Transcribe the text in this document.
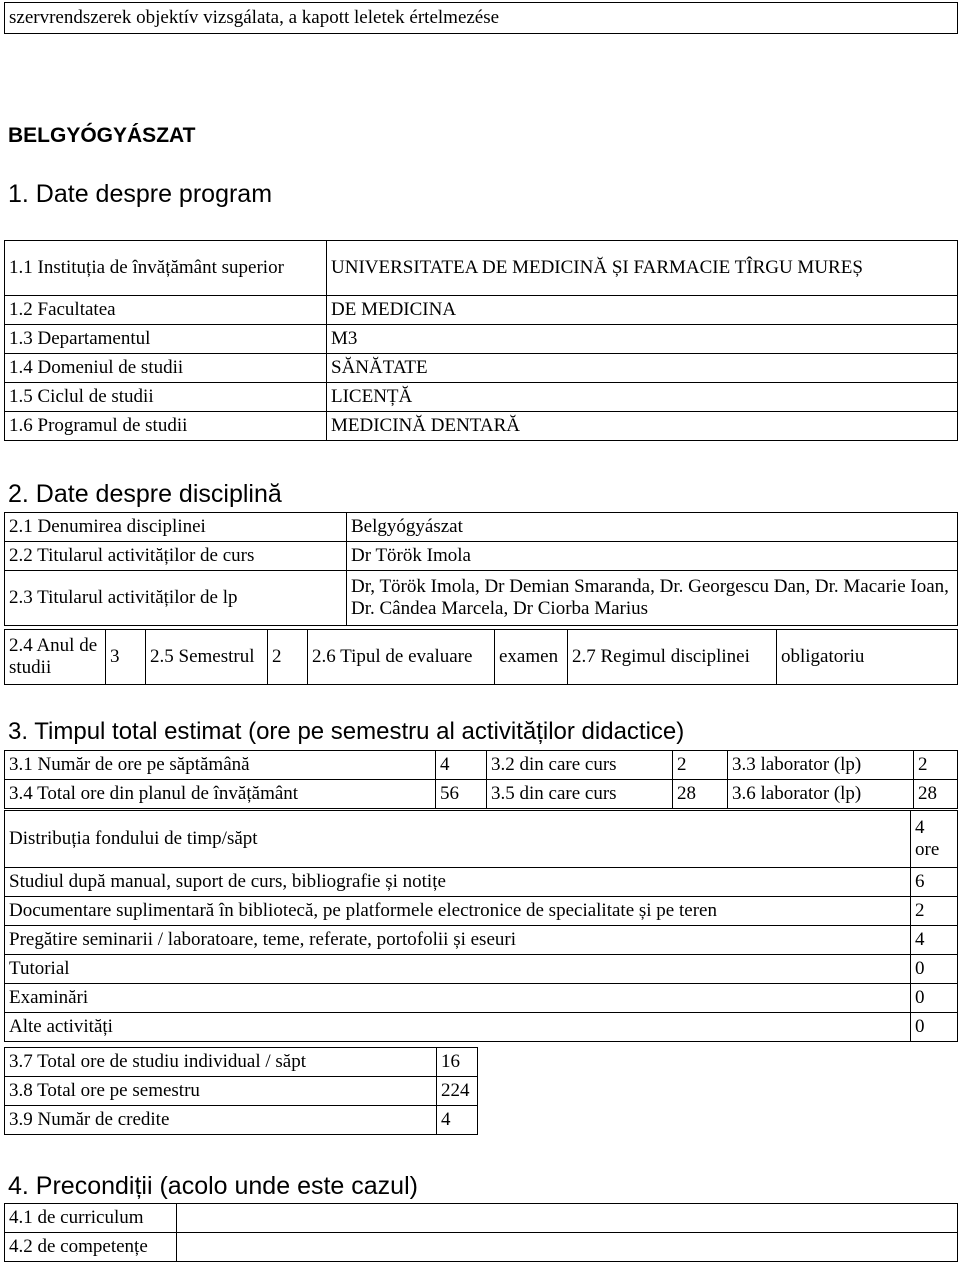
szervrendszerek objektív vizsgálata, a kapott leletek értelmezése
BELGYÓGYÁSZAT
1. Date despre program
1.1 Instituția de învățământ superior	UNIVERSITATEA DE MEDICINĂ ȘI FARMACIE TÎRGU MUREȘ
1.2 Facultatea	DE MEDICINA
1.3 Departamentul	M3
1.4 Domeniul de studii	SĂNĂTATE
1.5 Ciclul de studii	LICENȚĂ
1.6 Programul de studii	MEDICINĂ DENTARĂ
2. Date despre disciplină
2.1 Denumirea disciplinei	Belgyógyászat
2.2 Titularul activităților de curs	Dr Török Imola
2.3 Titularul activităților de lp	Dr, Török Imola, Dr Demian Smaranda, Dr. Georgescu Dan, Dr. Macarie Ioan, Dr. Cândea Marcela, Dr Ciorba Marius
2.4 Anul de studii	3	2.5 Semestrul	2	2.6 Tipul de evaluare	examen	2.7 Regimul disciplinei	obligatoriu
3. Timpul total estimat (ore pe semestru al activităților didactice)
3.1 Număr de ore pe săptămână	4	3.2 din care curs	2	3.3 laborator (lp)	2
3.4 Total ore din planul de învățământ	56	3.5 din care curs	28	3.6 laborator (lp)	28
Distribuția fondului de timp/săpt	4 ore
Studiul după manual, suport de curs, bibliografie și notițe	6
Documentare suplimentară în bibliotecă, pe platformele electronice de specialitate și pe teren	2
Pregătire seminarii / laboratoare, teme, referate, portofolii și eseuri	4
Tutorial	0
Examinări	0
Alte activități	0
3.7 Total ore de studiu individual / săpt	16
3.8 Total ore pe semestru	224
3.9 Număr de credite	4
4. Precondiții (acolo unde este cazul)
4.1 de curriculum	
4.2 de competențe	
